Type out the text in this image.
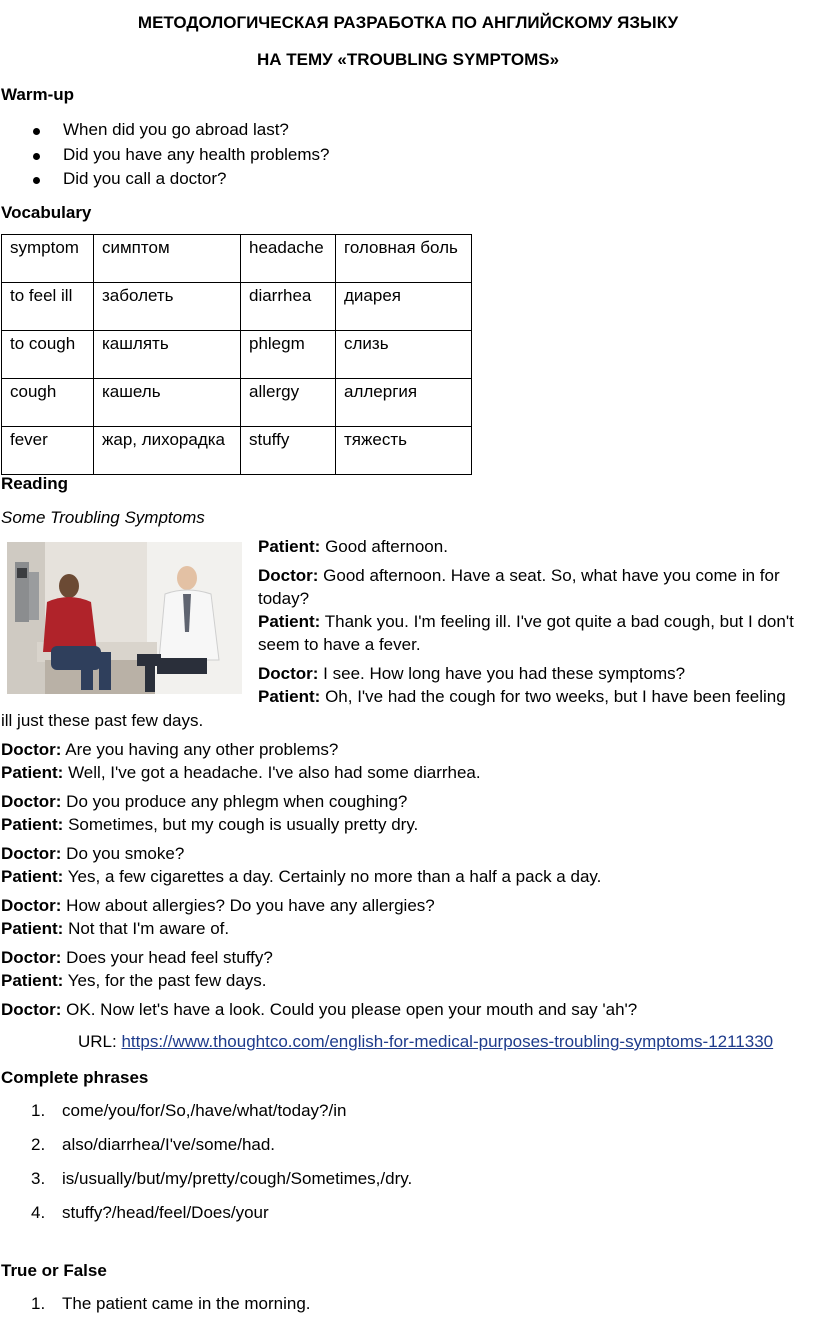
МЕТОДОЛОГИЧЕСКАЯ РАЗРАБОТКА ПО АНГЛИЙСКОМУ ЯЗЫКУ
НА ТЕМУ «TROUBLING SYMPTOMS»
Warm-up
When did you go abroad last?
Did you have any health problems?
Did you call a doctor?
Vocabulary
symptom	симптом	headache	головная боль
to feel ill	заболеть	diarrhea	диарея
to cough	кашлять	phlegm	слизь
cough	кашель	allergy	аллергия
fever	жар, лихорадка	stuffy	тяжесть
Reading
Some Troubling Symptoms
Patient: Good afternoon.
Doctor: Good afternoon. Have a seat. So, what have you come in for
today?
Patient: Thank you. I'm feeling ill. I've got quite a bad cough, but I don't
seem to have a fever.
Doctor: I see. How long have you had these symptoms?
Patient: Oh, I've had the cough for two weeks, but I have been feeling
ill just these past few days.
Doctor: Are you having any other problems?
Patient: Well, I've got a headache. I've also had some diarrhea.
Doctor: Do you produce any phlegm when coughing?
Patient: Sometimes, but my cough is usually pretty dry.
Doctor: Do you smoke?
Patient: Yes, a few cigarettes a day. Certainly no more than a half a pack a day.
Doctor: How about allergies? Do you have any allergies?
Patient: Not that I'm aware of.
Doctor: Does your head feel stuffy?
Patient: Yes, for the past few days.
Doctor: OK. Now let's have a look. Could you please open your mouth and say 'ah'?
URL: https://www.thoughtco.com/english-for-medical-purposes-troubling-symptoms-1211330
Complete phrases
1. come/you/for/So,/have/what/today?/in
2. also/diarrhea/I've/some/had.
3. is/usually/but/my/pretty/cough/Sometimes,/dry.
4. stuffy?/head/feel/Does/your
True or False
1. The patient came in the morning.
